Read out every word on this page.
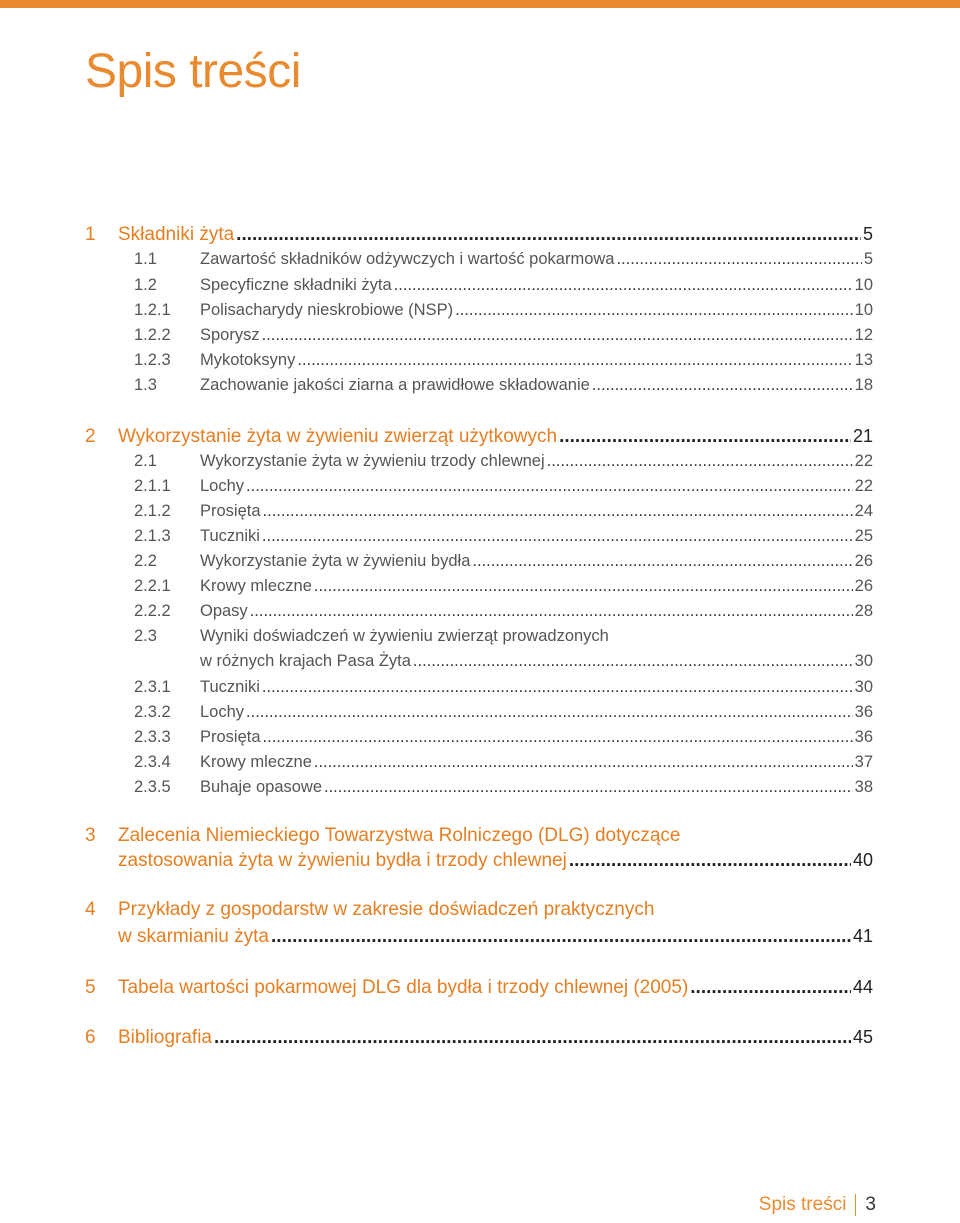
Spis treści
1 Składniki żyta .....	5
1.1	Zawartość składników odżywczych i wartość pokarmowa .....	5
1.2	Specyficzne składniki żyta .....	10
1.2.1 Polisacharydy nieskrobiowe (NSP) .....	10
1.2.2 Sporysz .....	12
1.2.3 Mykotoksyny .....	13
1.3	Zachowanie jakości ziarna a prawidłowe składowanie .....	18
2 Wykorzystanie żyta w żywieniu zwierząt użytkowych .....	21
2.1	Wykorzystanie żyta w żywieniu trzody chlewnej .....	22
2.1.1 Lochy .....	22
2.1.2 Prosięta .....	24
2.1.3 Tuczniki .....	25
2.2	Wykorzystanie żyta w żywieniu bydła .....	26
2.2.1 Krowy mleczne .....	26
2.2.2 Opasy .....	28
2.3	Wyniki doświadczeń w żywieniu zwierząt prowadzonych
w różnych krajach Pasa Żyta .....	30
2.3.1 Tuczniki .....	30
2.3.2 Lochy .....	36
2.3.3 Prosięta .....	36
2.3.4 Krowy mleczne .....	37
2.3.5 Buhaje opasowe .....	38
3 Zalecenia Niemieckiego Towarzystwa Rolniczego (DLG) dotyczące
zastosowania żyta w żywieniu bydła i trzody chlewnej .....	40
4 Przykłady z gospodarstw w zakresie doświadczeń praktycznych
w skarmianiu żyta .....	41
5 Tabela wartości pokarmowej DLG dla bydła i trzody chlewnej (2005) .....	44
6 Bibliografia .....	45
Spis treści 3
